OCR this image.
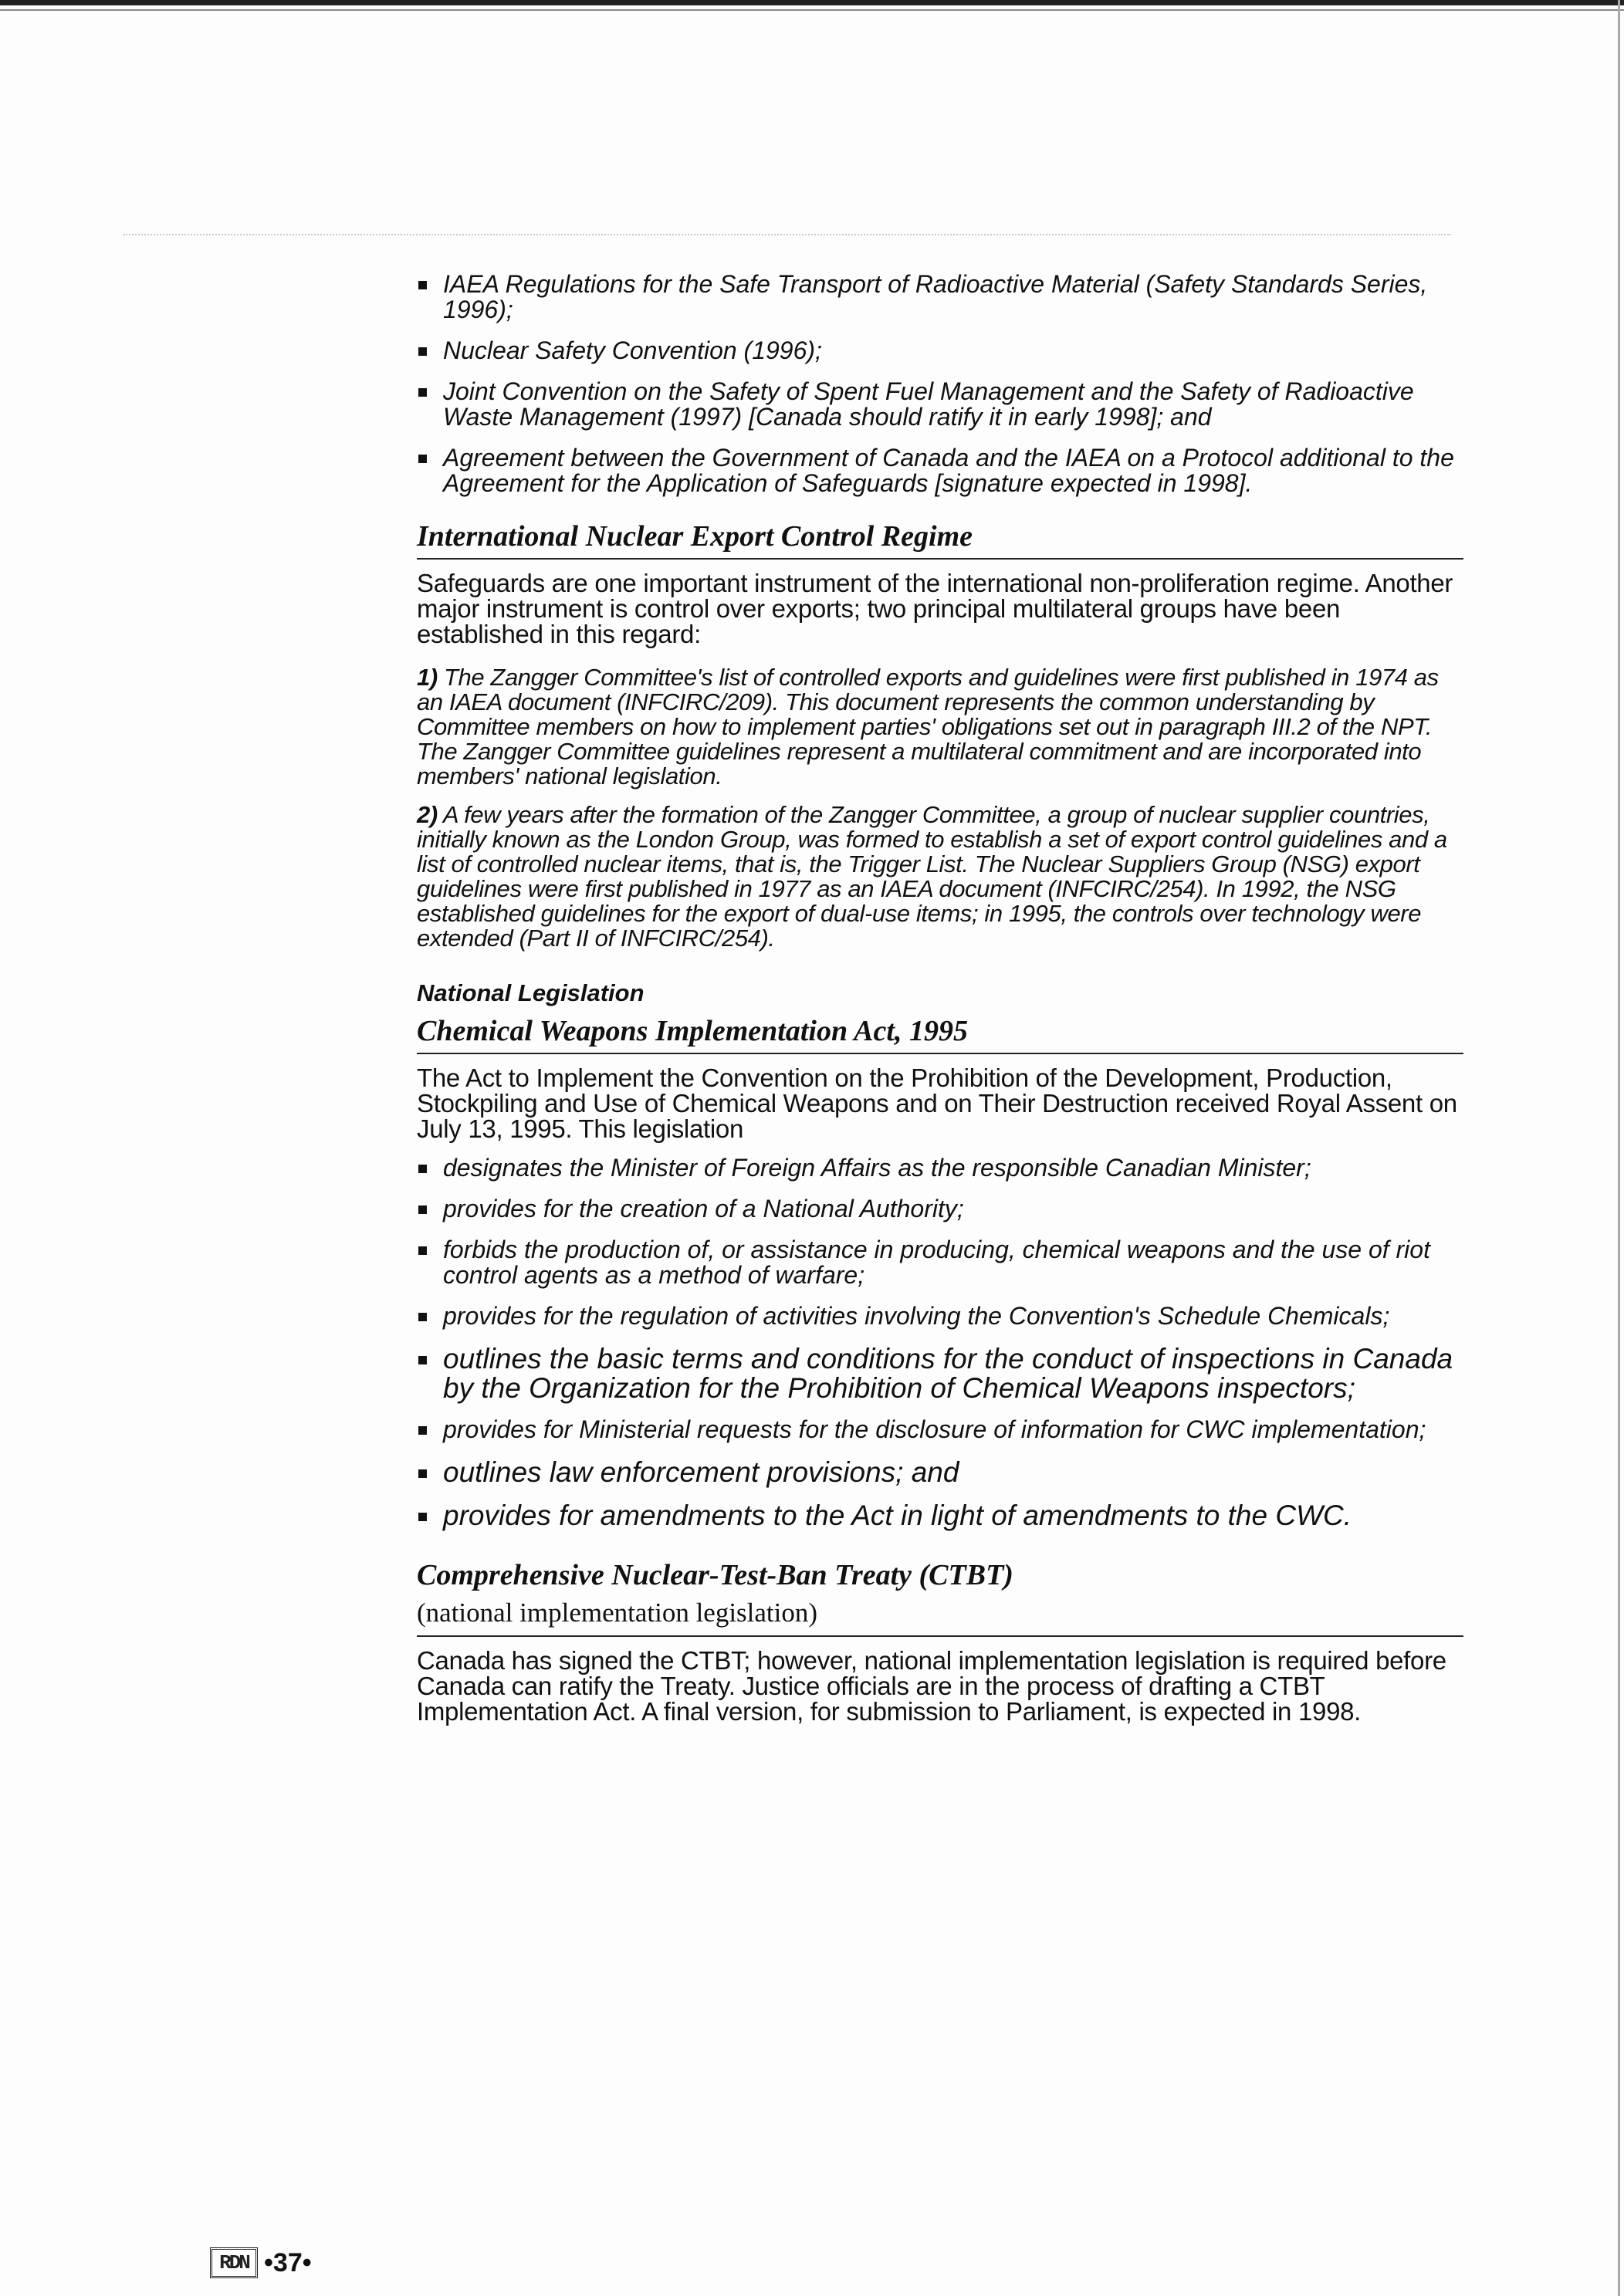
IAEA Regulations for the Safe Transport of Radioactive Material (Safety Standards Series, 1996);
Nuclear Safety Convention (1996);
Joint Convention on the Safety of Spent Fuel Management and the Safety of Radioactive Waste Management (1997) [Canada should ratify it in early 1998]; and
Agreement between the Government of Canada and the IAEA on a Protocol additional to the Agreement for the Application of Safeguards [signature expected in 1998].
International Nuclear Export Control Regime

Safeguards are one important instrument of the international non-proliferation regime. Another major instrument is control over exports; two principal multilateral groups have been established in this regard:

1) The Zangger Committee's list of controlled exports and guidelines were first published in 1974 as an IAEA document (INFCIRC/209). This document represents the common understanding by Committee members on how to implement parties' obligations set out in paragraph III.2 of the NPT. The Zangger Committee guidelines represent a multilateral commitment and are incorporated into members' national legislation.

2) A few years after the formation of the Zangger Committee, a group of nuclear supplier countries, initially known as the London Group, was formed to establish a set of export control guidelines and a list of controlled nuclear items, that is, the Trigger List. The Nuclear Suppliers Group (NSG) export guidelines were first published in 1977 as an IAEA document (INFCIRC/254). In 1992, the NSG established guidelines for the export of dual-use items; in 1995, the controls over technology were extended (Part II of INFCIRC/254).

National Legislation
Chemical Weapons Implementation Act, 1995

The Act to Implement the Convention on the Prohibition of the Development, Production, Stockpiling and Use of Chemical Weapons and on Their Destruction received Royal Assent on July 13, 1995. This legislation

designates the Minister of Foreign Affairs as the responsible Canadian Minister;
provides for the creation of a National Authority;
forbids the production of, or assistance in producing, chemical weapons and the use of riot control agents as a method of warfare;
provides for the regulation of activities involving the Convention's Schedule Chemicals;
outlines the basic terms and conditions for the conduct of inspections in Canada by the Organization for the Prohibition of Chemical Weapons inspectors;
provides for Ministerial requests for the disclosure of information for CWC implementation;
outlines law enforcement provisions; and
provides for amendments to the Act in light of amendments to the CWC.
Comprehensive Nuclear-Test-Ban Treaty (CTBT)
(national implementation legislation)

Canada has signed the CTBT; however, national implementation legislation is required before Canada can ratify the Treaty. Justice officials are in the process of drafting a CTBT Implementation Act. A final version, for submission to Parliament, is expected in 1998.

RDN •37•
